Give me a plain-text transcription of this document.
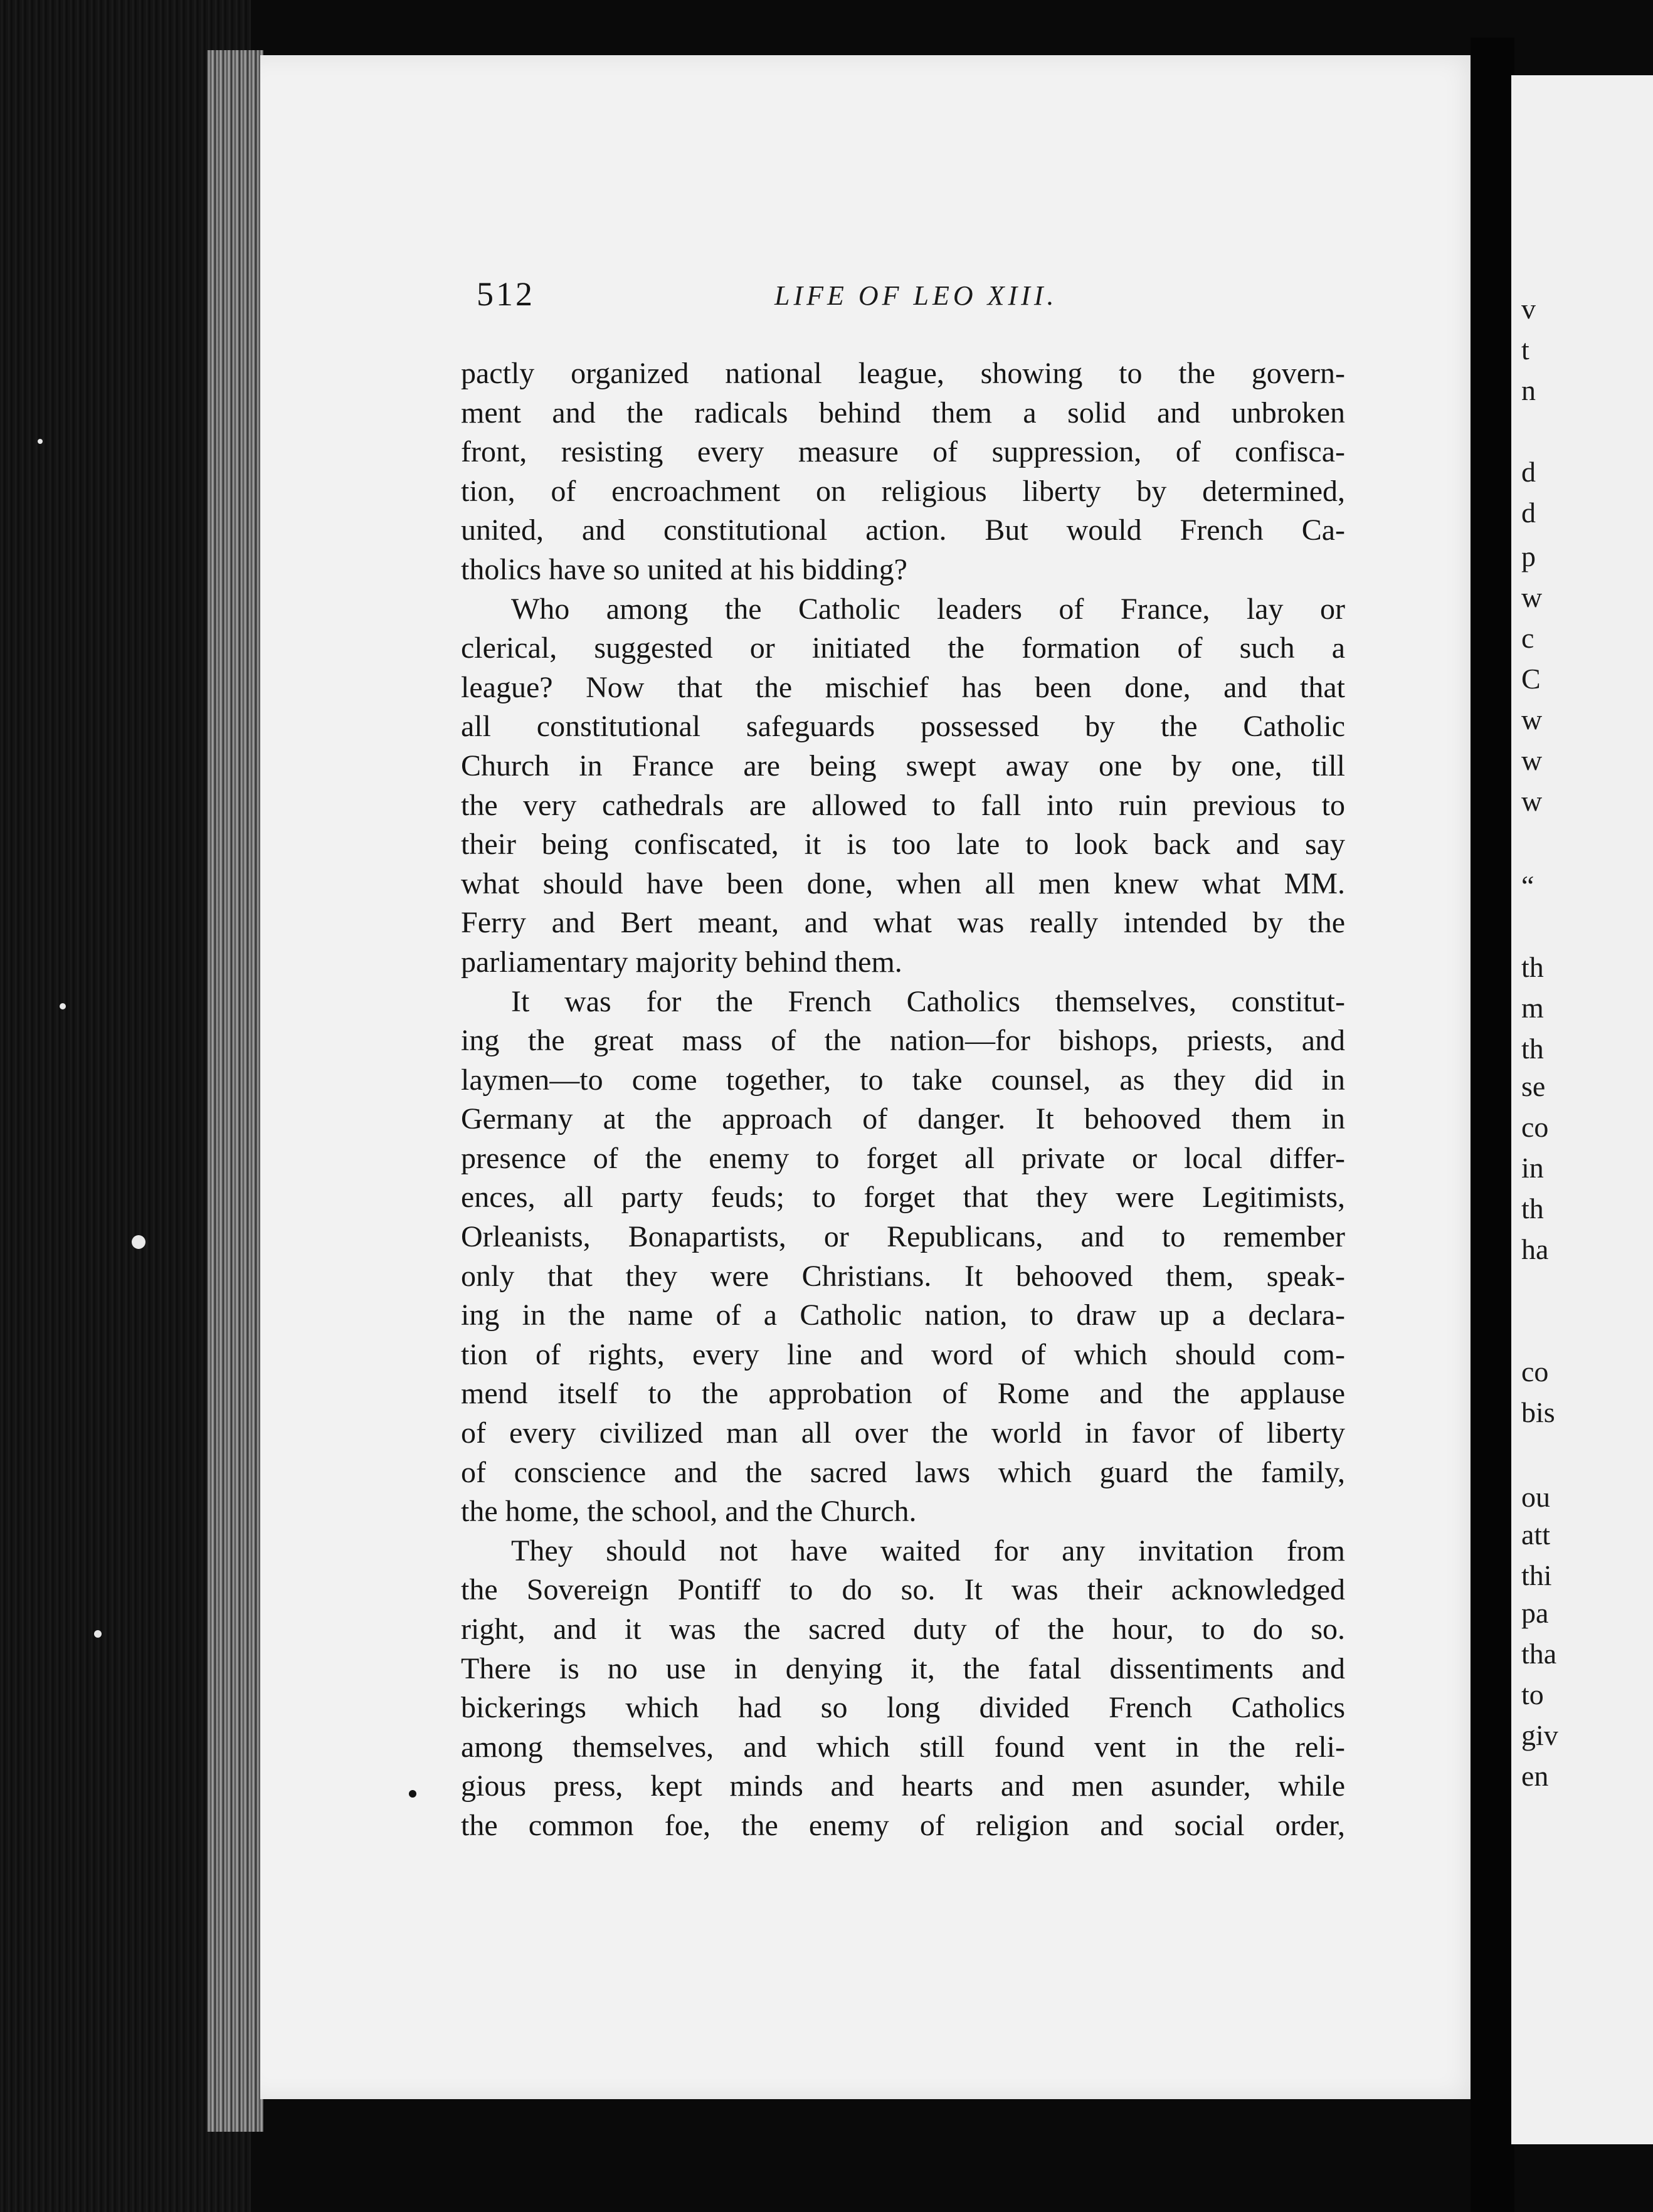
512	LIFE OF LEO XIII.
pactly organized national league, showing to the govern-
ment and the radicals behind them a solid and unbroken
front, resisting every measure of suppression, of confisca-
tion, of encroachment on religious liberty by determined,
united, and constitutional action. But would French Ca-
tholics have so united at his bidding?
Who among the Catholic leaders of France, lay or
clerical, suggested or initiated the formation of such a
league? Now that the mischief has been done, and that
all constitutional safeguards possessed by the Catholic
Church in France are being swept away one by one, till
the very cathedrals are allowed to fall into ruin previous to
their being confiscated, it is too late to look back and say
what should have been done, when all men knew what MM.
Ferry and Bert meant, and what was really intended by the
parliamentary majority behind them.
It was for the French Catholics themselves, constitut-
ing the great mass of the nation—for bishops, priests, and
laymen—to come together, to take counsel, as they did in
Germany at the approach of danger. It behooved them in
presence of the enemy to forget all private or local differ-
ences, all party feuds; to forget that they were Legitimists,
Orleanists, Bonapartists, or Republicans, and to remember
only that they were Christians. It behooved them, speak-
ing in the name of a Catholic nation, to draw up a declara-
tion of rights, every line and word of which should com-
mend itself to the approbation of Rome and the applause
of every civilized man all over the world in favor of liberty
of conscience and the sacred laws which guard the family,
the home, the school, and the Church.
They should not have waited for any invitation from
the Sovereign Pontiff to do so. It was their acknowledged
right, and it was the sacred duty of the hour, to do so.
There is no use in denying it, the fatal dissentiments and
bickerings which had so long divided French Catholics
among themselves, and which still found vent in the reli-
gious press, kept minds and hearts and men asunder, while
the common foe, the enemy of religion and social order,
v
t
n
d
d
p
w
c
C
w
w
w
“
th
m
th
se
co
in
th
ha
co
bis
ou
att
thi
pa
tha
to
giv
en
